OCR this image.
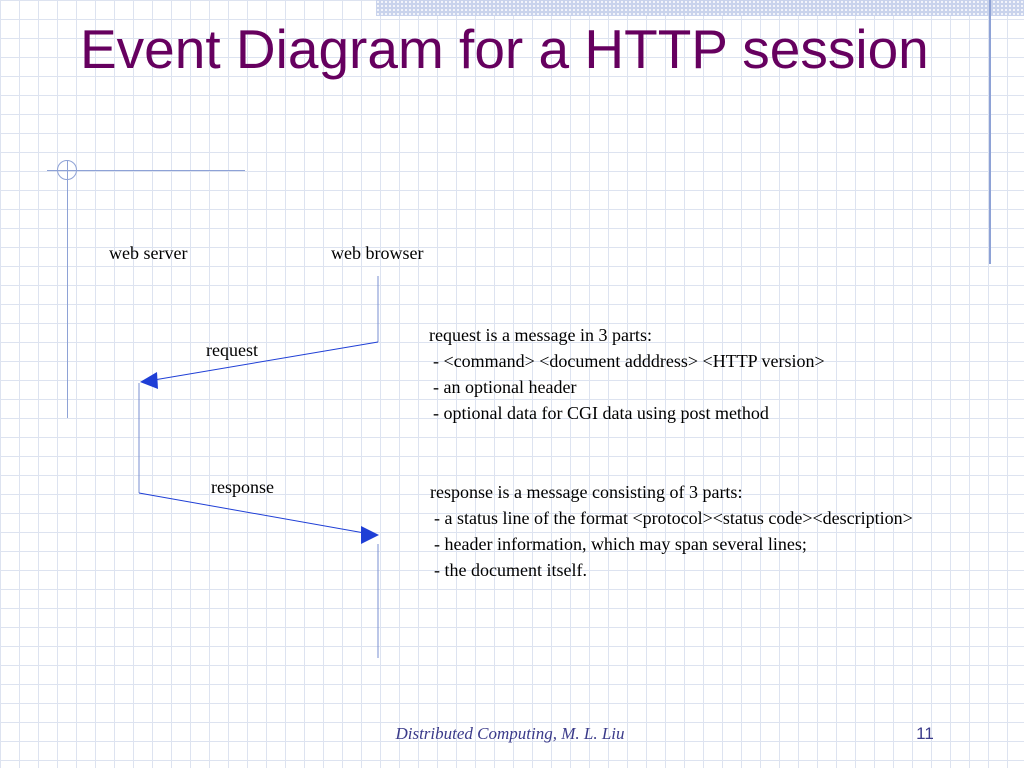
Event Diagram for a HTTP session
web server	web browser
request
response
request is a message in 3 parts:
- <command> <document adddress> <HTTP version>
- an optional header
- optional data for CGI data using post method
response is a message consisting of 3 parts:
- a status line of the format <protocol><status code><description>
- header information, which may span several lines;
- the document itself.
Distributed Computing, M. L. Liu	11
